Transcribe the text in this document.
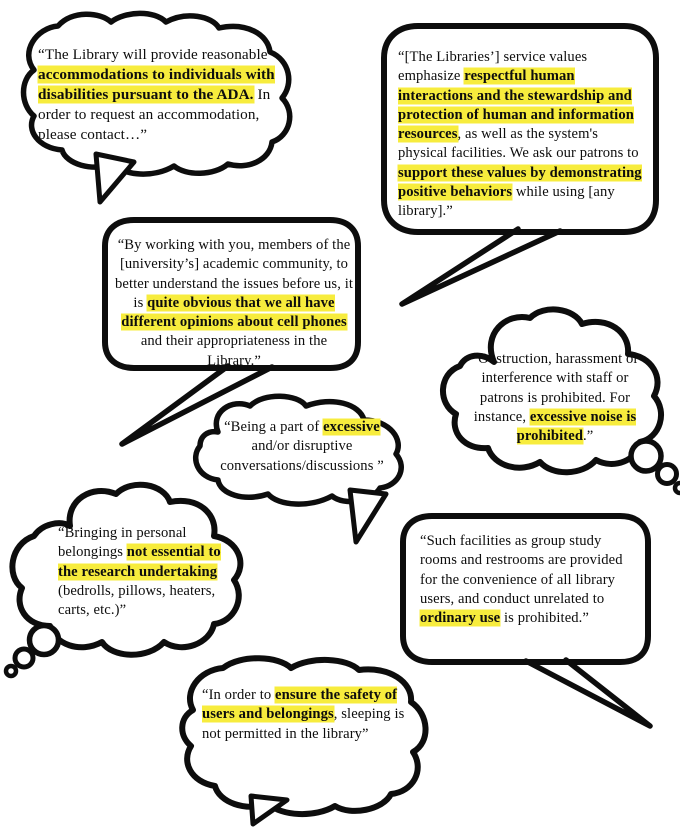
“The Library will provide reasonable accommodations to individuals with disabilities pursuant to the ADA. In order to request an accommodation, please contact…”
“[The Libraries’] service values emphasize respectful human interactions and the stewardship and protection of human and information resources, as well as the system's physical facilities. We ask our patrons to support these values by demonstrating positive behaviors while using [any library].”
“By working with you, members of the [university’s] academic community, to better understand the issues before us, it is quite obvious that we all have different opinions about cell phones and their appropriateness in the Library.”	“Obstruction, harassment or interference with staff or patrons is prohibited. For instance, excessive noise is prohibited.”
“Being a part of excessive and/or disruptive conversations/discussions ”
“Bringing in personal belongings not essential to the research undertaking (bedrolls, pillows, heaters, carts, etc.)”
“Such facilities as group study rooms and restrooms are provided for the convenience of all library users, and conduct unrelated to ordinary use is prohibited.”
“In order to ensure the safety of users and belongings, sleeping is not permitted in the library”
